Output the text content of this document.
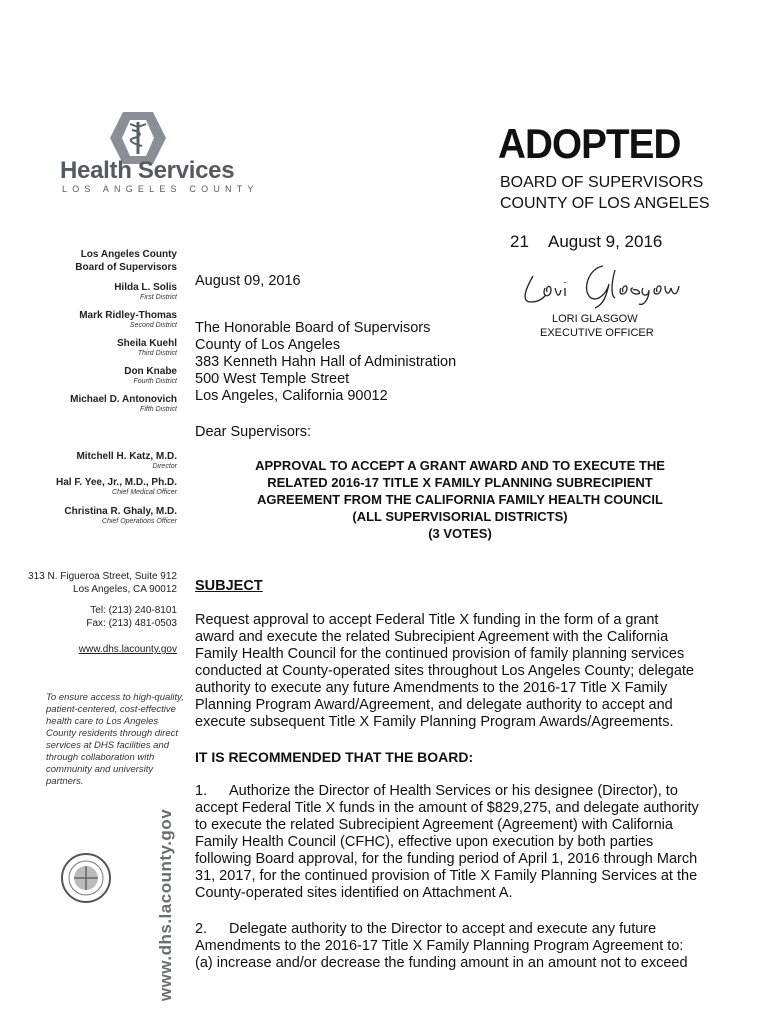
Health Services
LOS ANGELES COUNTY
ADOPTED
BOARD OF SUPERVISORS
COUNTY OF LOS ANGELES
21 August 9, 2016
LORI GLASGOW
EXECUTIVE OFFICER
Los Angeles County
Board of Supervisors
Hilda L. Solis
First District
Mark Ridley-Thomas
Second District
Sheila Kuehl
Third District
Don Knabe
Fourth District
Michael D. Antonovich
Fifth District
Mitchell H. Katz, M.D.
Director
Hal F. Yee, Jr., M.D., Ph.D.
Chief Medical Officer
Christina R. Ghaly, M.D.
Chief Operations Officer
313 N. Figueroa Street, Suite 912
Los Angeles, CA 90012
Tel: (213) 240-8101
Fax: (213) 481-0503
www.dhs.lacounty.gov
To ensure access to high-quality, patient-centered, cost-effective health care to Los Angeles County residents through direct services at DHS facilities and through collaboration with community and university partners.
www.dhs.lacounty.gov
August 09, 2016
The Honorable Board of Supervisors
County of Los Angeles
383 Kenneth Hahn Hall of Administration
500 West Temple Street
Los Angeles, California 90012
Dear Supervisors:
APPROVAL TO ACCEPT A GRANT AWARD AND TO EXECUTE THE
RELATED 2016-17 TITLE X FAMILY PLANNING SUBRECIPIENT
AGREEMENT FROM THE CALIFORNIA FAMILY HEALTH COUNCIL
(ALL SUPERVISORIAL DISTRICTS)
(3 VOTES)
SUBJECT
Request approval to accept Federal Title X funding in the form of a grant
award and execute the related Subrecipient Agreement with the California
Family Health Council for the continued provision of family planning services
conducted at County-operated sites throughout Los Angeles County; delegate
authority to execute any future Amendments to the 2016-17 Title X Family
Planning Program Award/Agreement, and delegate authority to accept and
execute subsequent Title X Family Planning Program Awards/Agreements.
IT IS RECOMMENDED THAT THE BOARD:
1. Authorize the Director of Health Services or his designee (Director), to
accept Federal Title X funds in the amount of $829,275, and delegate authority
to execute the related Subrecipient Agreement (Agreement) with California
Family Health Council (CFHC), effective upon execution by both parties
following Board approval, for the funding period of April 1, 2016 through March
31, 2017, for the continued provision of Title X Family Planning Services at the
County-operated sites identified on Attachment A.
2. Delegate authority to the Director to accept and execute any future
Amendments to the 2016-17 Title X Family Planning Program Agreement to:
(a) increase and/or decrease the funding amount in an amount not to exceed
